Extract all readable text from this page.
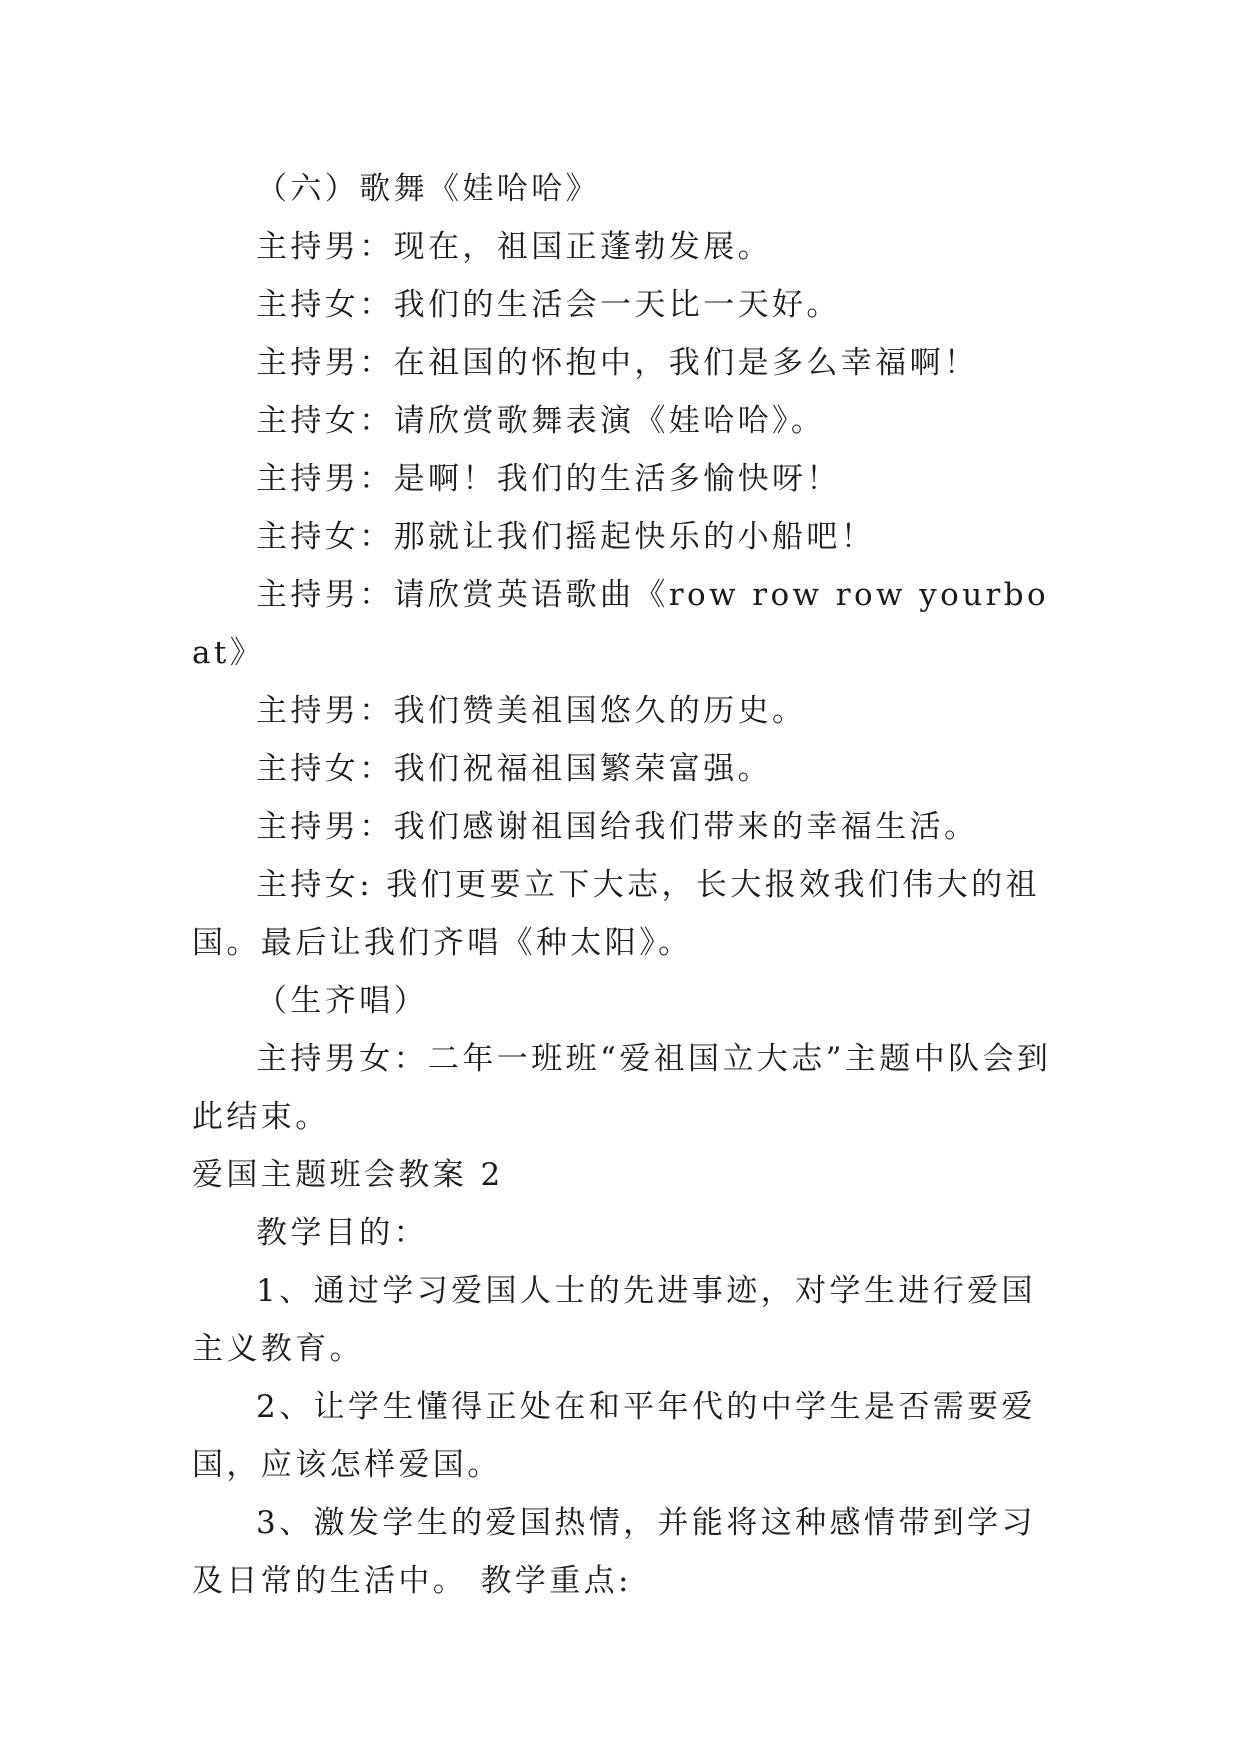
（六）歌舞《娃哈哈》

主持男：现在，祖国正蓬勃发展。

主持女：我们的生活会一天比一天好。

主持男：在祖国的怀抱中，我们是多么幸福啊！

主持女：请欣赏歌舞表演《娃哈哈》。

主持男：是啊！我们的生活多愉快呀！

主持女：那就让我们摇起快乐的小船吧！

主持男：请欣赏英语歌曲《row row row yourboat》

主持男：我们赞美祖国悠久的历史。

主持女：我们祝福祖国繁荣富强。

主持男：我们感谢祖国给我们带来的幸福生活。

主持女: 我们更要立下大志，长大报效我们伟大的祖国。最后让我们齐唱《种太阳》。

（生齐唱）

主持男女：二年一班班“爱祖国立大志”主题中队会到此结束。

爱国主题班会教案 2

教学目的：

1、通过学习爱国人士的先进事迹，对学生进行爱国主义教育。

2、让学生懂得正处在和平年代的中学生是否需要爱国，应该怎样爱国。

3、激发学生的爱国热情，并能将这种感情带到学习及日常的生活中。 教学重点:
